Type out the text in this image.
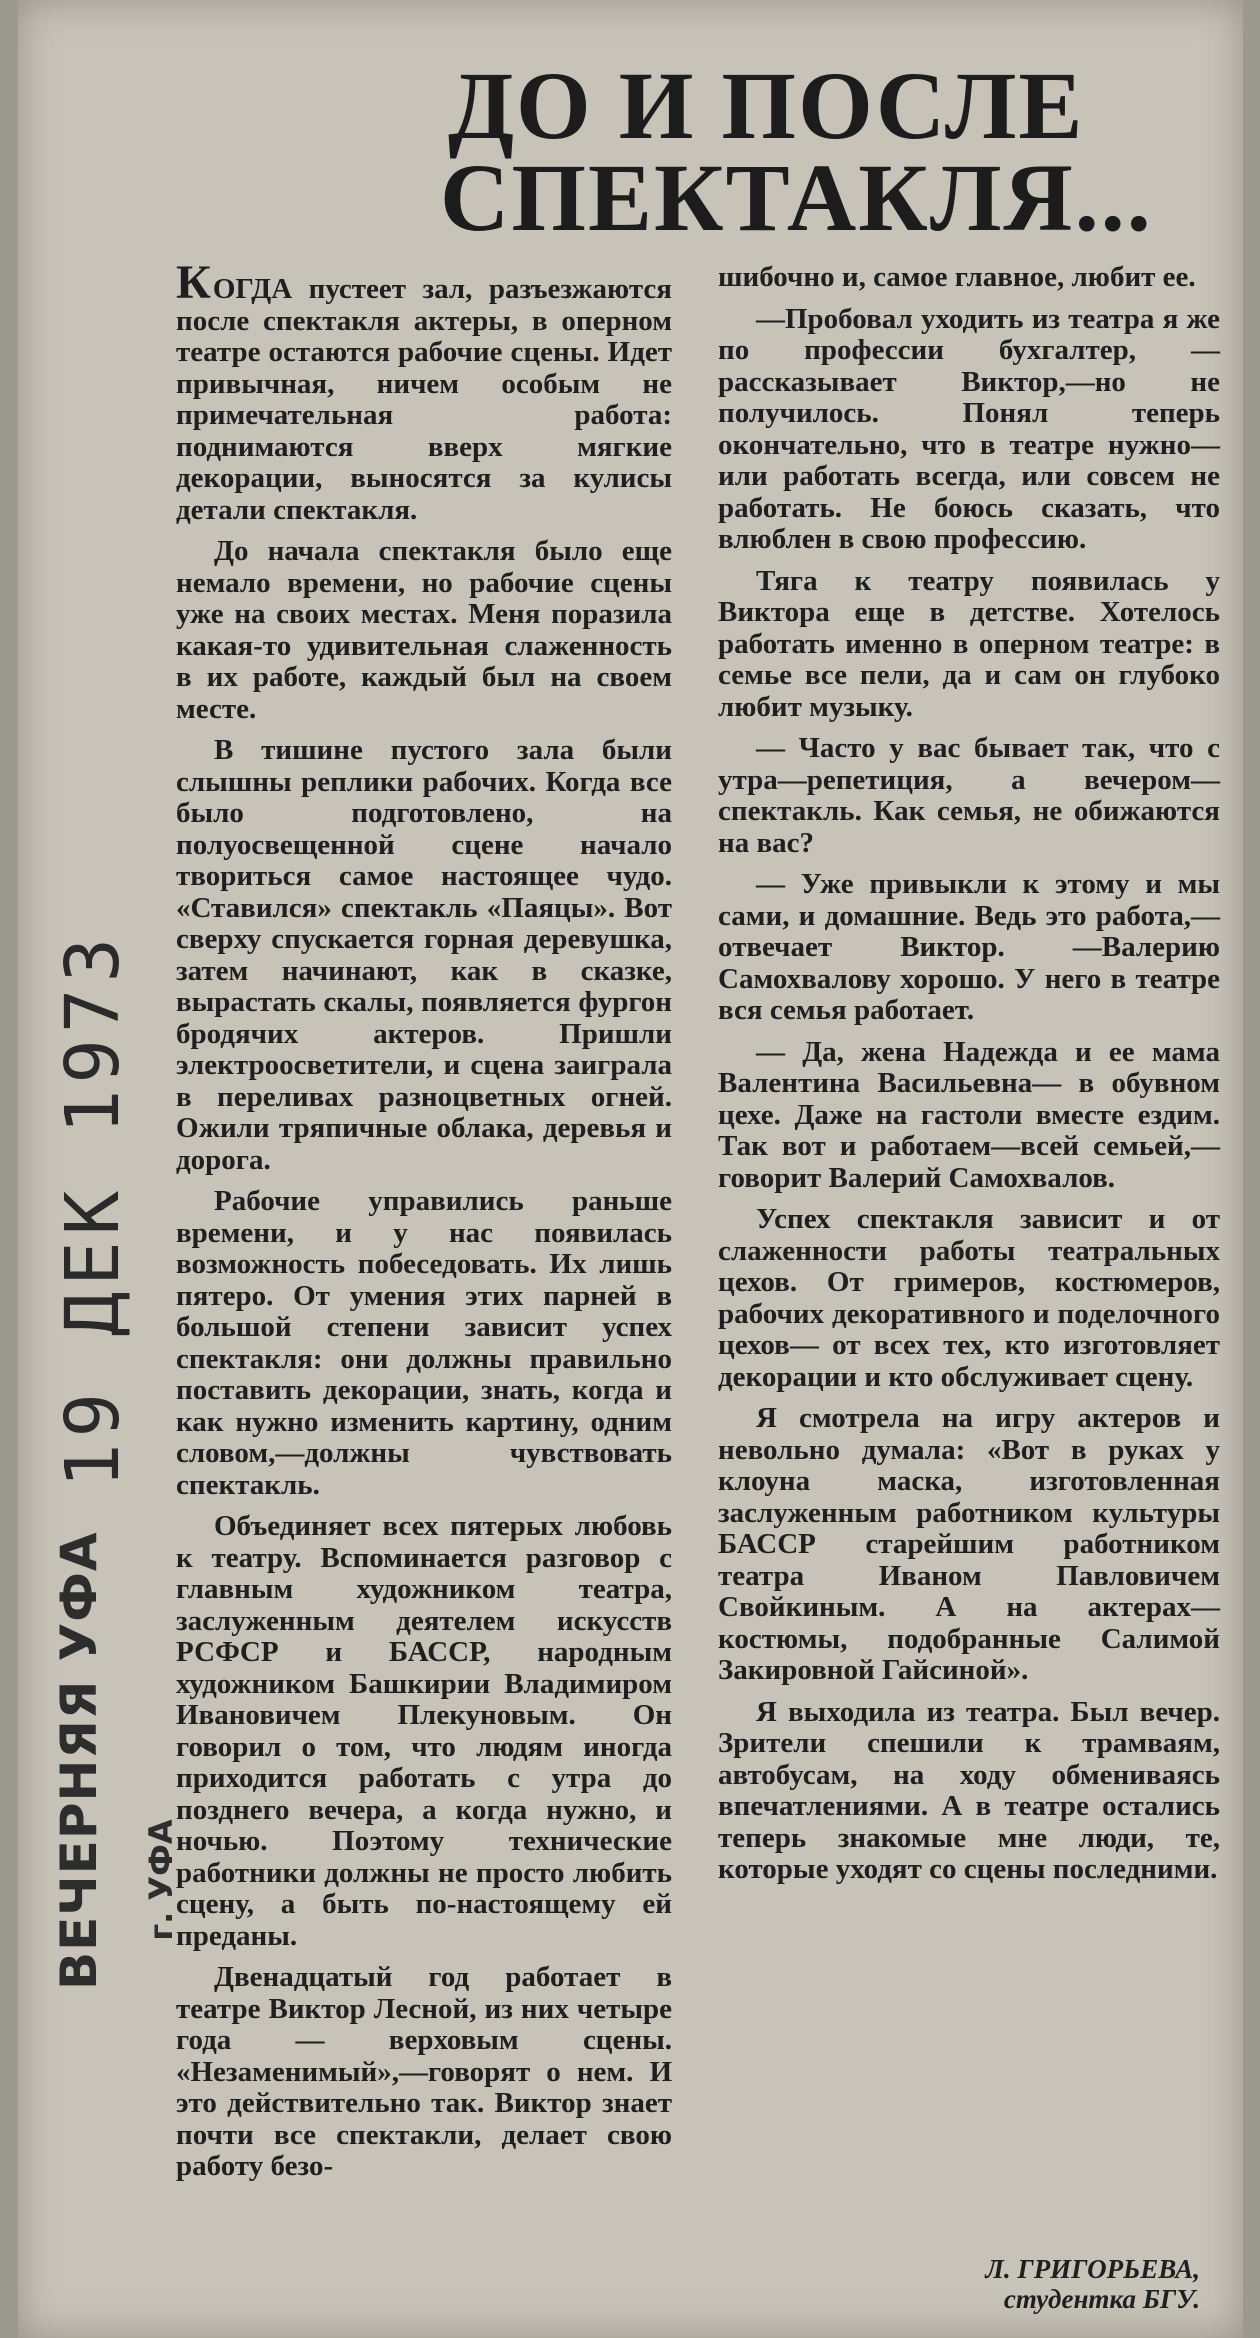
ДО И ПОСЛЕ
СПЕКТАКЛЯ...
19 ДЕК 1973
ВЕЧЕРНЯЯ УФА г. УФА

КОГДА пустеет зал, разъезжаются после спектакля актеры, в оперном театре остаются рабочие сцены. Идет привычная, ничем особым не примечательная работа: поднимаются вверх мягкие декорации, выносятся за кулисы детали спектакля.

До начала спектакля было еще немало времени, но рабочие сцены уже на своих местах. Меня поразила какая-то удивительная слаженность в их работе, каждый был на своем месте.

В тишине пустого зала были слышны реплики рабочих. Когда все было подготовлено, на полуосвещенной сцене начало твориться самое настоящее чудо. «Ставился» спектакль «Паяцы». Вот сверху спускается горная деревушка, затем начинают, как в сказке, вырастать скалы, появляется фургон бродячих актеров. Пришли электроосветители, и сцена заиграла в переливах разноцветных огней. Ожили тряпичные облака, деревья и дорога.

Рабочие управились раньше времени, и у нас появилась возможность побеседовать. Их лишь пятеро. От умения этих парней в большой степени зависит успех спектакля: они должны правильно поставить декорации, знать, когда и как нужно изменить картину, одним словом,—должны чувствовать спектакль.

Объединяет всех пятерых любовь к театру. Вспоминается разговор с главным художником театра, заслуженным деятелем искусств РСФСР и БАССР, народным художником Башкирии Владимиром Ивановичем Плекуновым. Он говорил о том, что людям иногда приходится работать с утра до позднего вечера, а когда нужно, и ночью. Поэтому технические работники должны не просто любить сцену, а быть по-настоящему ей преданы.

Двенадцатый год работает в театре Виктор Лесной, из них четыре года — верховым сцены. «Незаменимый»,—говорят о нем. И это действительно так. Виктор знает почти все спектакли, делает свою работу безо-

шибочно и, самое главное, любит ее.

—Пробовал уходить из театра я же по профессии бухгалтер, —рассказывает Виктор,—но не получилось. Понял теперь окончательно, что в театре нужно—или работать всегда, или совсем не работать. Не боюсь сказать, что влюблен в свою профессию.

Тяга к театру появилась у Виктора еще в детстве. Хотелось работать именно в оперном театре: в семье все пели, да и сам он глубоко любит музыку.

— Часто у вас бывает так, что с утра—репетиция, а вечером—спектакль. Как семья, не обижаются на вас?

— Уже привыкли к этому и мы сами, и домашние. Ведь это работа,—отвечает Виктор. —Валерию Самохвалову хорошо. У него в театре вся семья работает.

— Да, жена Надежда и ее мама Валентина Васильевна— в обувном цехе. Даже на гастоли вместе ездим. Так вот и работаем—всей семьей,—говорит Валерий Самохвалов.

Успех спектакля зависит и от слаженности работы театральных цехов. От гримеров, костюмеров, рабочих декоративного и поделочного цехов— от всех тех, кто изготовляет декорации и кто обслуживает сцену.

Я смотрела на игру актеров и невольно думала: «Вот в руках у клоуна маска, изготовленная заслуженным работником культуры БАССР старейшим работником театра Иваном Павловичем Свойкиным. А на актерах—костюмы, подобранные Салимой Закировной Гайсиной».

Я выходила из театра. Был вечер. Зрители спешили к трамваям, автобусам, на ходу обмениваясь впечатлениями. А в театре остались теперь знакомые мне люди, те, которые уходят со сцены последними.

Л. ГРИГОРЬЕВА,
студентка БГУ.
